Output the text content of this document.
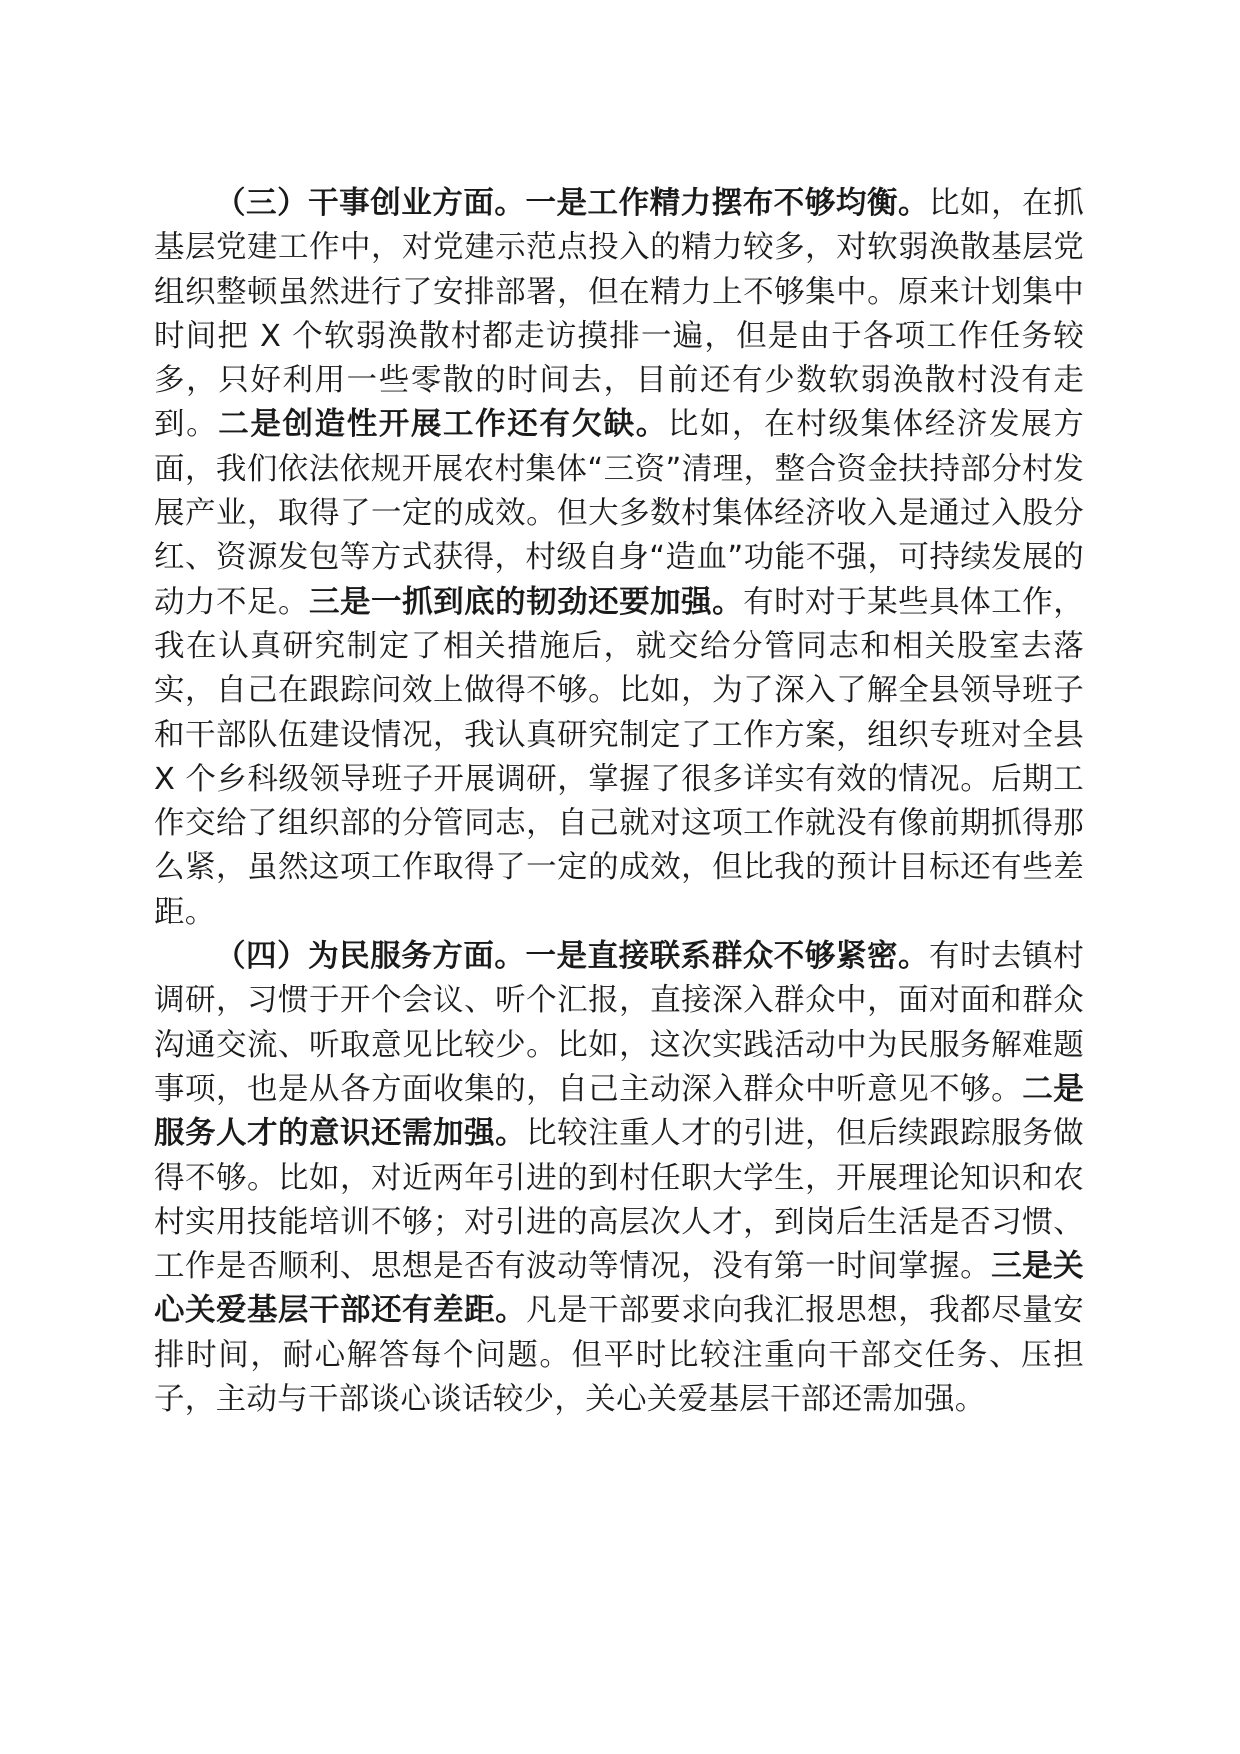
（三）干事创业方面。一是工作精力摆布不够均衡。比如，在抓基层党建工作中，对党建示范点投入的精力较多，对软弱涣散基层党组织整顿虽然进行了安排部署，但在精力上不够集中。原来计划集中时间把 X 个软弱涣散村都走访摸排一遍，但是由于各项工作任务较多，只好利用一些零散的时间去，目前还有少数软弱涣散村没有走到。二是创造性开展工作还有欠缺。比如，在村级集体经济发展方面，我们依法依规开展农村集体“三资”清理，整合资金扶持部分村发展产业，取得了一定的成效。但大多数村集体经济收入是通过入股分红、资源发包等方式获得，村级自身“造血”功能不强，可持续发展的动力不足。三是一抓到底的韧劲还要加强。有时对于某些具体工作，我在认真研究制定了相关措施后，就交给分管同志和相关股室去落实，自己在跟踪问效上做得不够。比如，为了深入了解全县领导班子和干部队伍建设情况，我认真研究制定了工作方案，组织专班对全县 X 个乡科级领导班子开展调研，掌握了很多详实有效的情况。后期工作交给了组织部的分管同志，自己就对这项工作就没有像前期抓得那么紧，虽然这项工作取得了一定的成效，但比我的预计目标还有些差距。

（四）为民服务方面。一是直接联系群众不够紧密。有时去镇村调研，习惯于开个会议、听个汇报，直接深入群众中，面对面和群众沟通交流、听取意见比较少。比如，这次实践活动中为民服务解难题事项，也是从各方面收集的，自己主动深入群众中听意见不够。二是服务人才的意识还需加强。比较注重人才的引进，但后续跟踪服务做得不够。比如，对近两年引进的到村任职大学生，开展理论知识和农村实用技能培训不够；对引进的高层次人才，到岗后生活是否习惯、工作是否顺利、思想是否有波动等情况，没有第一时间掌握。三是关心关爱基层干部还有差距。凡是干部要求向我汇报思想，我都尽量安排时间，耐心解答每个问题。但平时比较注重向干部交任务、压担子，主动与干部谈心谈话较少，关心关爱基层干部还需加强。
